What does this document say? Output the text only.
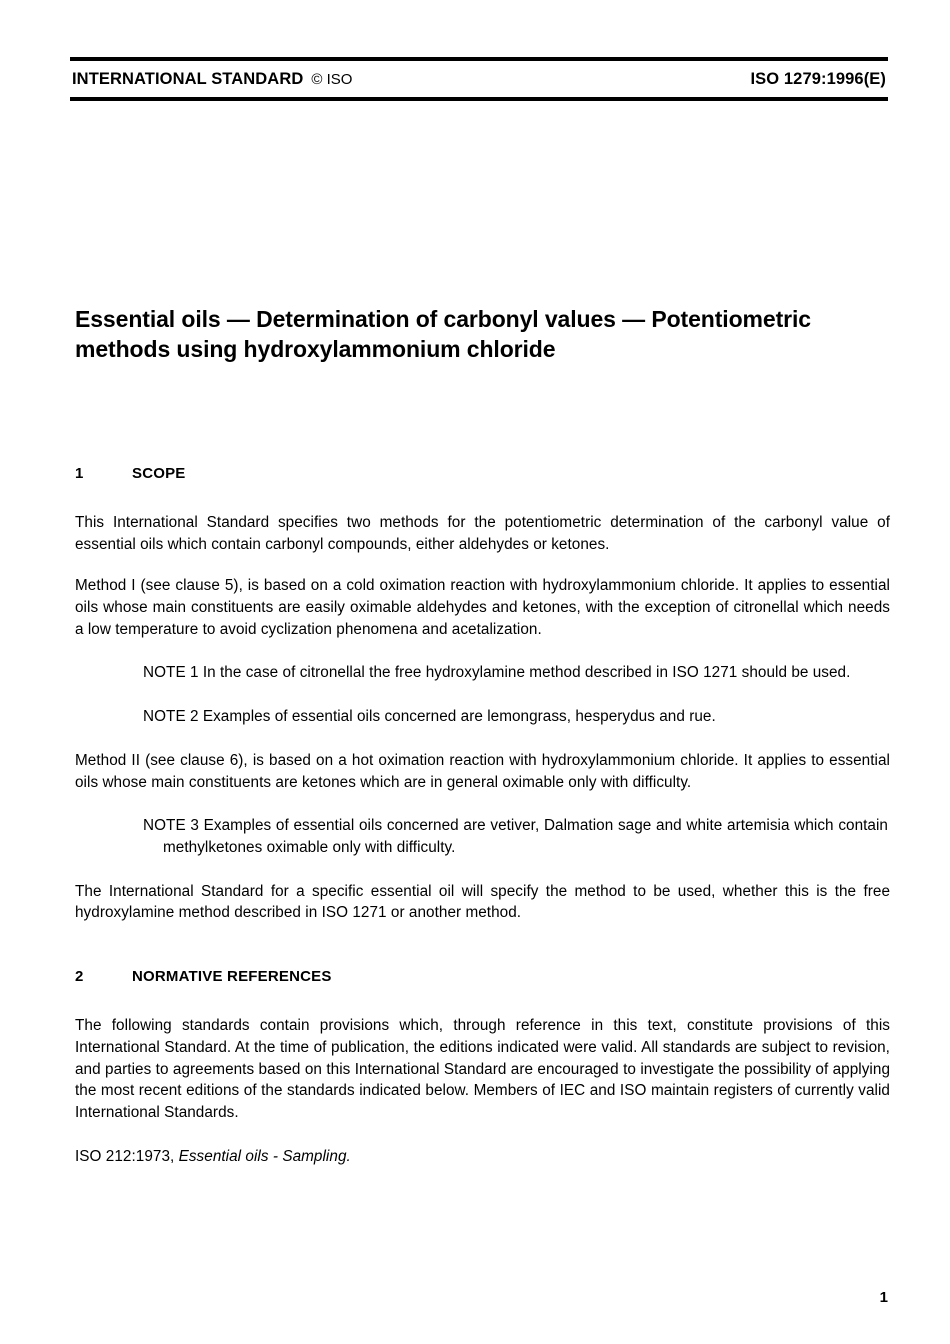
INTERNATIONAL STANDARD © ISO	ISO 1279:1996(E)
Essential oils — Determination of carbonyl values — Potentiometric methods using hydroxylammonium chloride
1	SCOPE

This International Standard specifies two methods for the potentiometric determination of the carbonyl value of essential oils which contain carbonyl compounds, either aldehydes or ketones.

Method I (see clause 5), is based on a cold oximation reaction with hydroxylammonium chloride. It applies to essential oils whose main constituents are easily oximable aldehydes and ketones, with the exception of citronellal which needs a low temperature to avoid cyclization phenomena and acetalization.

NOTE 1 In the case of citronellal the free hydroxylamine method described in ISO 1271 should be used.

NOTE 2 Examples of essential oils concerned are lemongrass, hesperydus and rue.

Method II (see clause 6), is based on a hot oximation reaction with hydroxylammonium chloride. It applies to essential oils whose main constituents are ketones which are in general oximable only with difficulty.

NOTE 3 Examples of essential oils concerned are vetiver, Dalmation sage and white artemisia which contain methylketones oximable only with difficulty.

The International Standard for a specific essential oil will specify the method to be used, whether this is the free hydroxylamine method described in ISO 1271 or another method.

2	NORMATIVE REFERENCES

The following standards contain provisions which, through reference in this text, constitute provisions of this International Standard. At the time of publication, the editions indicated were valid. All standards are subject to revision, and parties to agreements based on this International Standard are encouraged to investigate the possibility of applying the most recent editions of the standards indicated below. Members of IEC and ISO maintain registers of currently valid International Standards.

ISO 212:1973, Essential oils - Sampling.

1
